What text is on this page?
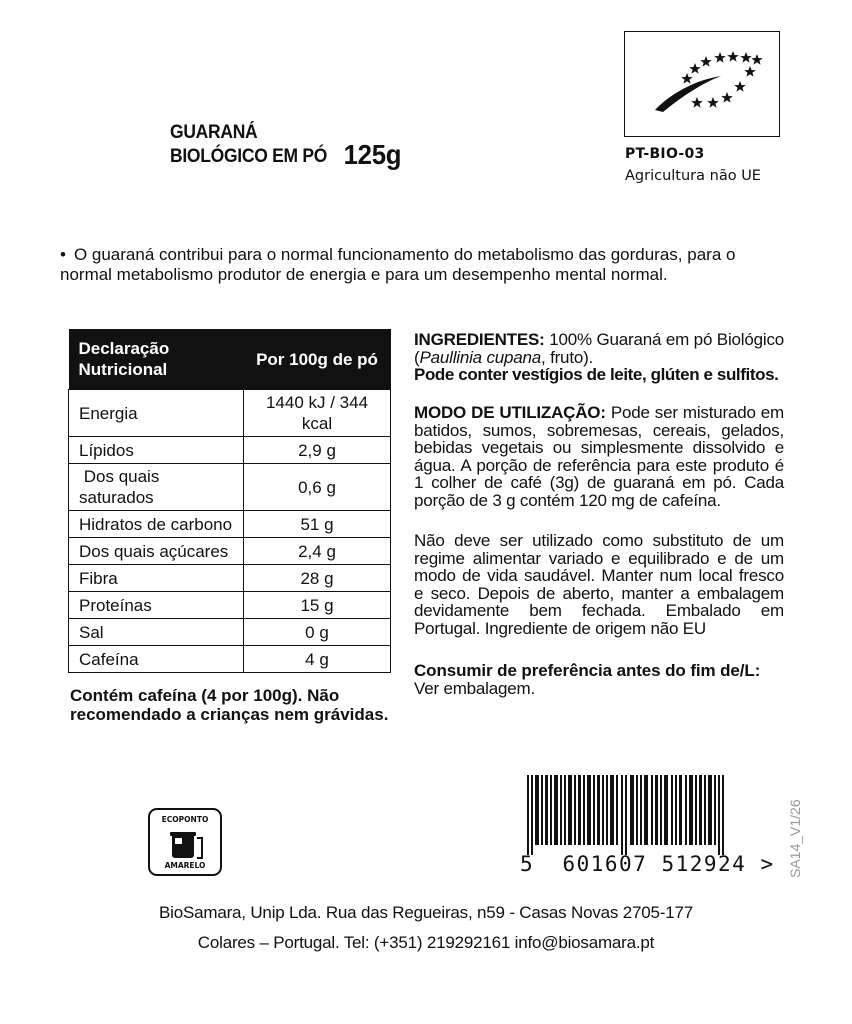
GUARANÁ
BIOLÓGICO EM PÓ 125g	PT-BIO-03
Agricultura não UE
• O guaraná contribui para o normal funcionamento do metabolismo das gorduras, para o normal metabolismo produtor de energia e para um desempenho mental normal.
Declaração Nutricional	Por 100g de pó
Energia	1440 kJ / 344 kcal
Lípidos	2,9 g
Dos quais saturados	0,6 g
Hidratos de carbono	51 g
Dos quais açúcares	2,4 g
Fibra	28 g
Proteínas	15 g
Sal	0 g
Cafeína	4 g
Contém cafeína (4 por 100g). Não recomendado a crianças nem grávidas.
INGREDIENTES: 100% Guaraná em pó Biológico (Paullinia cupana, fruto).
Pode conter vestígios de leite, glúten e sulfitos.
MODO DE UTILIZAÇÃO: Pode ser misturado em batidos, sumos, sobremesas, cereais, gelados, bebidas vegetais ou simplesmente dissolvido e água. A porção de referência para este produto é 1 colher de café (3g) de guaraná em pó. Cada porção de 3 g contém 120 mg de cafeína.
Não deve ser utilizado como substituto de um regime alimentar variado e equilibrado e de um modo de vida saudável. Manter num local fresco e seco. Depois de aberto, manter a embalagem devidamente bem fechada. Embalado em Portugal. Ingrediente de origem não EU
Consumir de preferência antes do fim de/L:
Ver embalagem.
ECOPONTO
AMARELO	5 601607 512924 > SA14_V1/26
BioSamara, Unip Lda. Rua das Regueiras, n59 - Casas Novas 2705-177
Colares – Portugal. Tel: (+351) 219292161 info@biosamara.pt
